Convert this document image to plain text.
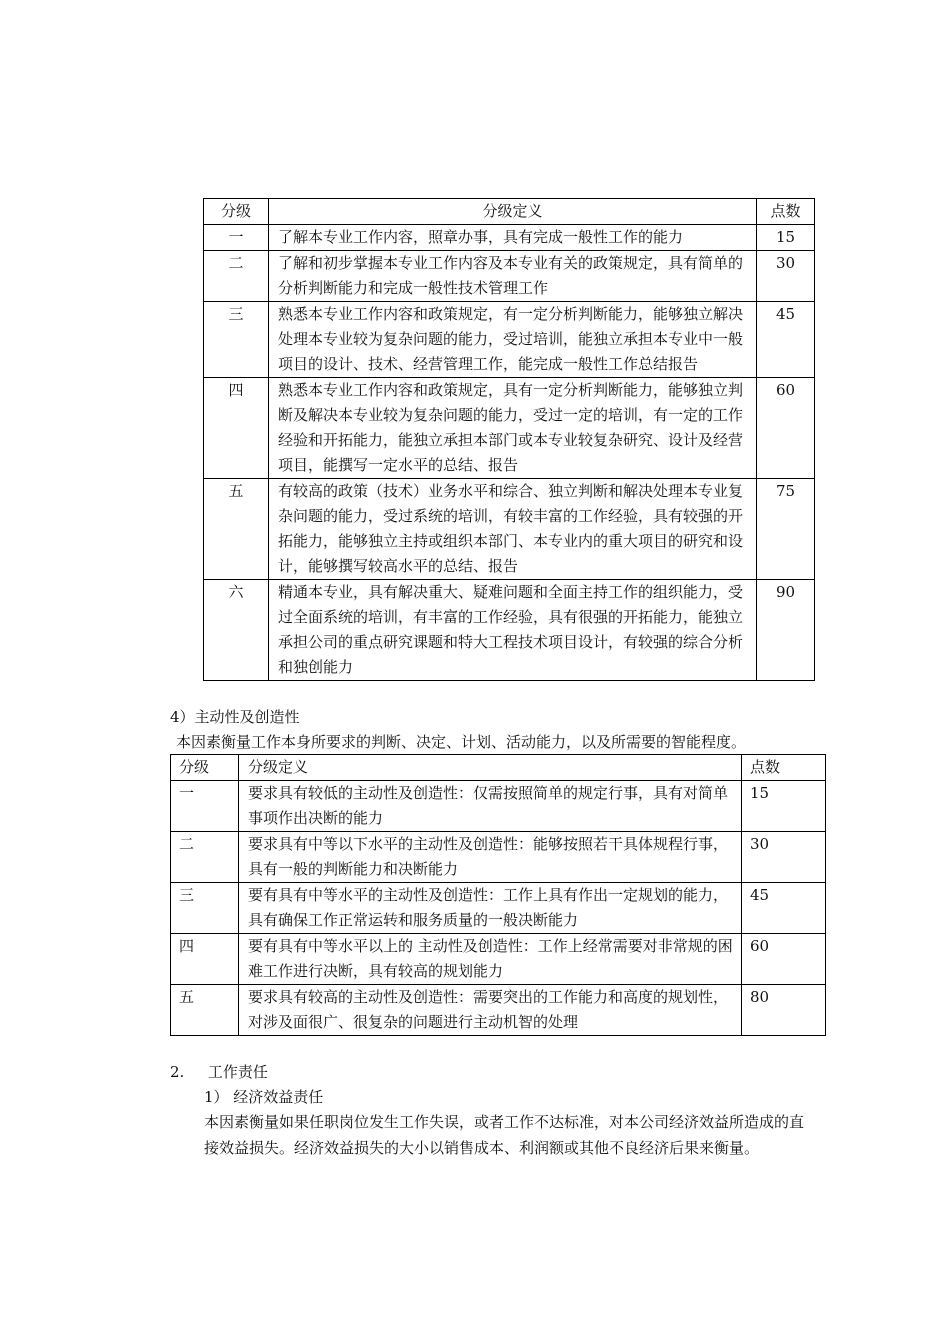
分级	分级定义	点数
一	了解本专业工作内容，照章办事，具有完成一般性工作的能力	15
二	了解和初步掌握本专业工作内容及本专业有关的政策规定，具有简单的分析判断能力和完成一般性技术管理工作	30
三	熟悉本专业工作内容和政策规定，有一定分析判断能力，能够独立解决处理本专业较为复杂问题的能力，受过培训，能独立承担本专业中一般项目的设计、技术、经营管理工作，能完成一般性工作总结报告	45
四	熟悉本专业工作内容和政策规定，具有一定分析判断能力，能够独立判断及解决本专业较为复杂问题的能力，受过一定的培训，有一定的工作经验和开拓能力，能独立承担本部门或本专业较复杂研究、设计及经营项目，能撰写一定水平的总结、报告	60
五	有较高的政策（技术）业务水平和综合、独立判断和解决处理本专业复杂问题的能力，受过系统的培训，有较丰富的工作经验，具有较强的开拓能力，能够独立主持或组织本部门、本专业内的重大项目的研究和设计，能够撰写较高水平的总结、报告	75
六	精通本专业，具有解决重大、疑难问题和全面主持工作的组织能力，受过全面系统的培训，有丰富的工作经验，具有很强的开拓能力，能独立承担公司的重点研究课题和特大工程技术项目设计，有较强的综合分析和独创能力	90
4）主动性及创造性
本因素衡量工作本身所要求的判断、决定、计划、活动能力，以及所需要的智能程度。
分级	分级定义	点数
一	要求具有较低的主动性及创造性：仅需按照简单的规定行事，具有对简单事项作出决断的能力	15
二	要求具有中等以下水平的主动性及创造性：能够按照若干具体规程行事，具有一般的判断能力和决断能力	30
三	要有具有中等水平的主动性及创造性：工作上具有作出一定规划的能力，具有确保工作正常运转和服务质量的一般决断能力	45
四	要有具有中等水平以上的 主动性及创造性：工作上经常需要对非常规的困难工作进行决断，具有较高的规划能力	60
五	要求具有较高的主动性及创造性：需要突出的工作能力和高度的规划性，对涉及面很广、很复杂的问题进行主动机智的处理	80
2. 工作责任
1） 经济效益责任
本因素衡量如果任职岗位发生工作失误，或者工作不达标准，对本公司经济效益所造成的直接效益损失。经济效益损失的大小以销售成本、利润额或其他不良经济后果来衡量。
